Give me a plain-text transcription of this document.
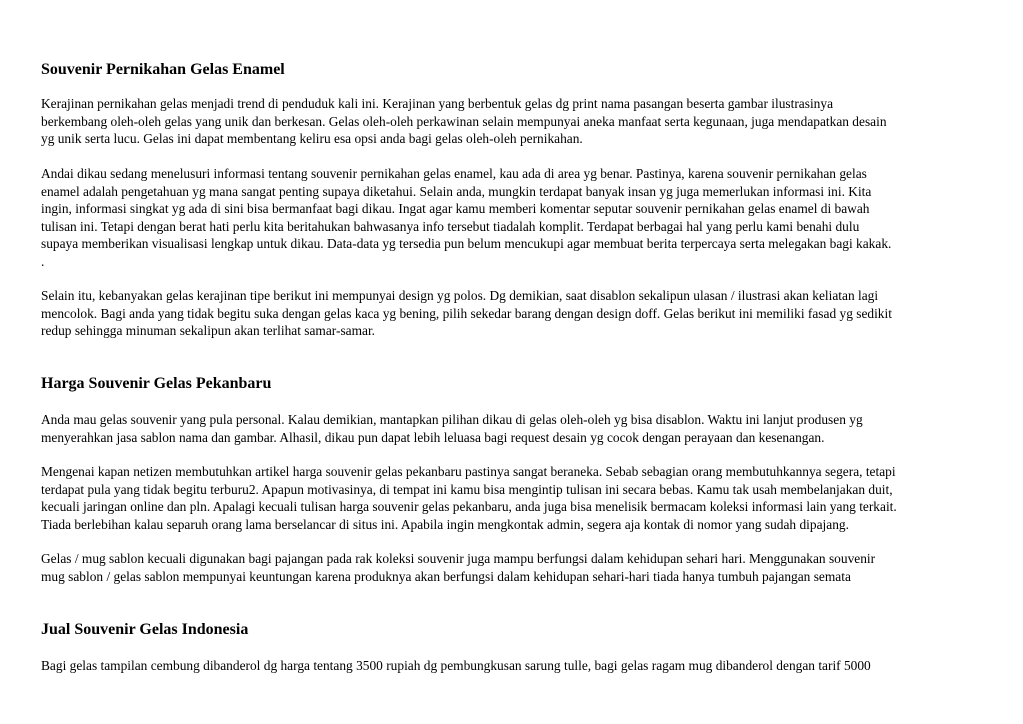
Souvenir Pernikahan Gelas Enamel

Kerajinan pernikahan gelas menjadi trend di penduduk kali ini. Kerajinan yang berbentuk gelas dg print nama pasangan beserta gambar ilustrasinya
berkembang oleh-oleh gelas yang unik dan berkesan. Gelas oleh-oleh perkawinan selain mempunyai aneka manfaat serta kegunaan, juga mendapatkan desain
yg unik serta lucu. Gelas ini dapat membentang keliru esa opsi anda bagi gelas oleh-oleh pernikahan.

Andai dikau sedang menelusuri informasi tentang souvenir pernikahan gelas enamel, kau ada di area yg benar. Pastinya, karena souvenir pernikahan gelas
enamel adalah pengetahuan yg mana sangat penting supaya diketahui. Selain anda, mungkin terdapat banyak insan yg juga memerlukan informasi ini. Kita
ingin, informasi singkat yg ada di sini bisa bermanfaat bagi dikau. Ingat agar kamu memberi komentar seputar souvenir pernikahan gelas enamel di bawah
tulisan ini. Tetapi dengan berat hati perlu kita beritahukan bahwasanya info tersebut tiadalah komplit. Terdapat berbagai hal yang perlu kami benahi dulu
supaya memberikan visualisasi lengkap untuk dikau. Data-data yg tersedia pun belum mencukupi agar membuat berita terpercaya serta melegakan bagi kakak.
.

Selain itu, kebanyakan gelas kerajinan tipe berikut ini mempunyai design yg polos. Dg demikian, saat disablon sekalipun ulasan / ilustrasi akan keliatan lagi
mencolok. Bagi anda yang tidak begitu suka dengan gelas kaca yg bening, pilih sekedar barang dengan design doff. Gelas berikut ini memiliki fasad yg sedikit
redup sehingga minuman sekalipun akan terlihat samar-samar.

Harga Souvenir Gelas Pekanbaru

Anda mau gelas souvenir yang pula personal. Kalau demikian, mantapkan pilihan dikau di gelas oleh-oleh yg bisa disablon. Waktu ini lanjut produsen yg
menyerahkan jasa sablon nama dan gambar. Alhasil, dikau pun dapat lebih leluasa bagi request desain yg cocok dengan perayaan dan kesenangan.

Mengenai kapan netizen membutuhkan artikel harga souvenir gelas pekanbaru pastinya sangat beraneka. Sebab sebagian orang membutuhkannya segera, tetapi
terdapat pula yang tidak begitu terburu2. Apapun motivasinya, di tempat ini kamu bisa mengintip tulisan ini secara bebas. Kamu tak usah membelanjakan duit,
kecuali jaringan online dan pln. Apalagi kecuali tulisan harga souvenir gelas pekanbaru, anda juga bisa menelisik bermacam koleksi informasi lain yang terkait.
Tiada berlebihan kalau separuh orang lama berselancar di situs ini. Apabila ingin mengkontak admin, segera aja kontak di nomor yang sudah dipajang.

Gelas / mug sablon kecuali digunakan bagi pajangan pada rak koleksi souvenir juga mampu berfungsi dalam kehidupan sehari hari. Menggunakan souvenir
mug sablon / gelas sablon mempunyai keuntungan karena produknya akan berfungsi dalam kehidupan sehari-hari tiada hanya tumbuh pajangan semata

Jual Souvenir Gelas Indonesia

Bagi gelas tampilan cembung dibanderol dg harga tentang 3500 rupiah dg pembungkusan sarung tulle, bagi gelas ragam mug dibanderol dengan tarif 5000
